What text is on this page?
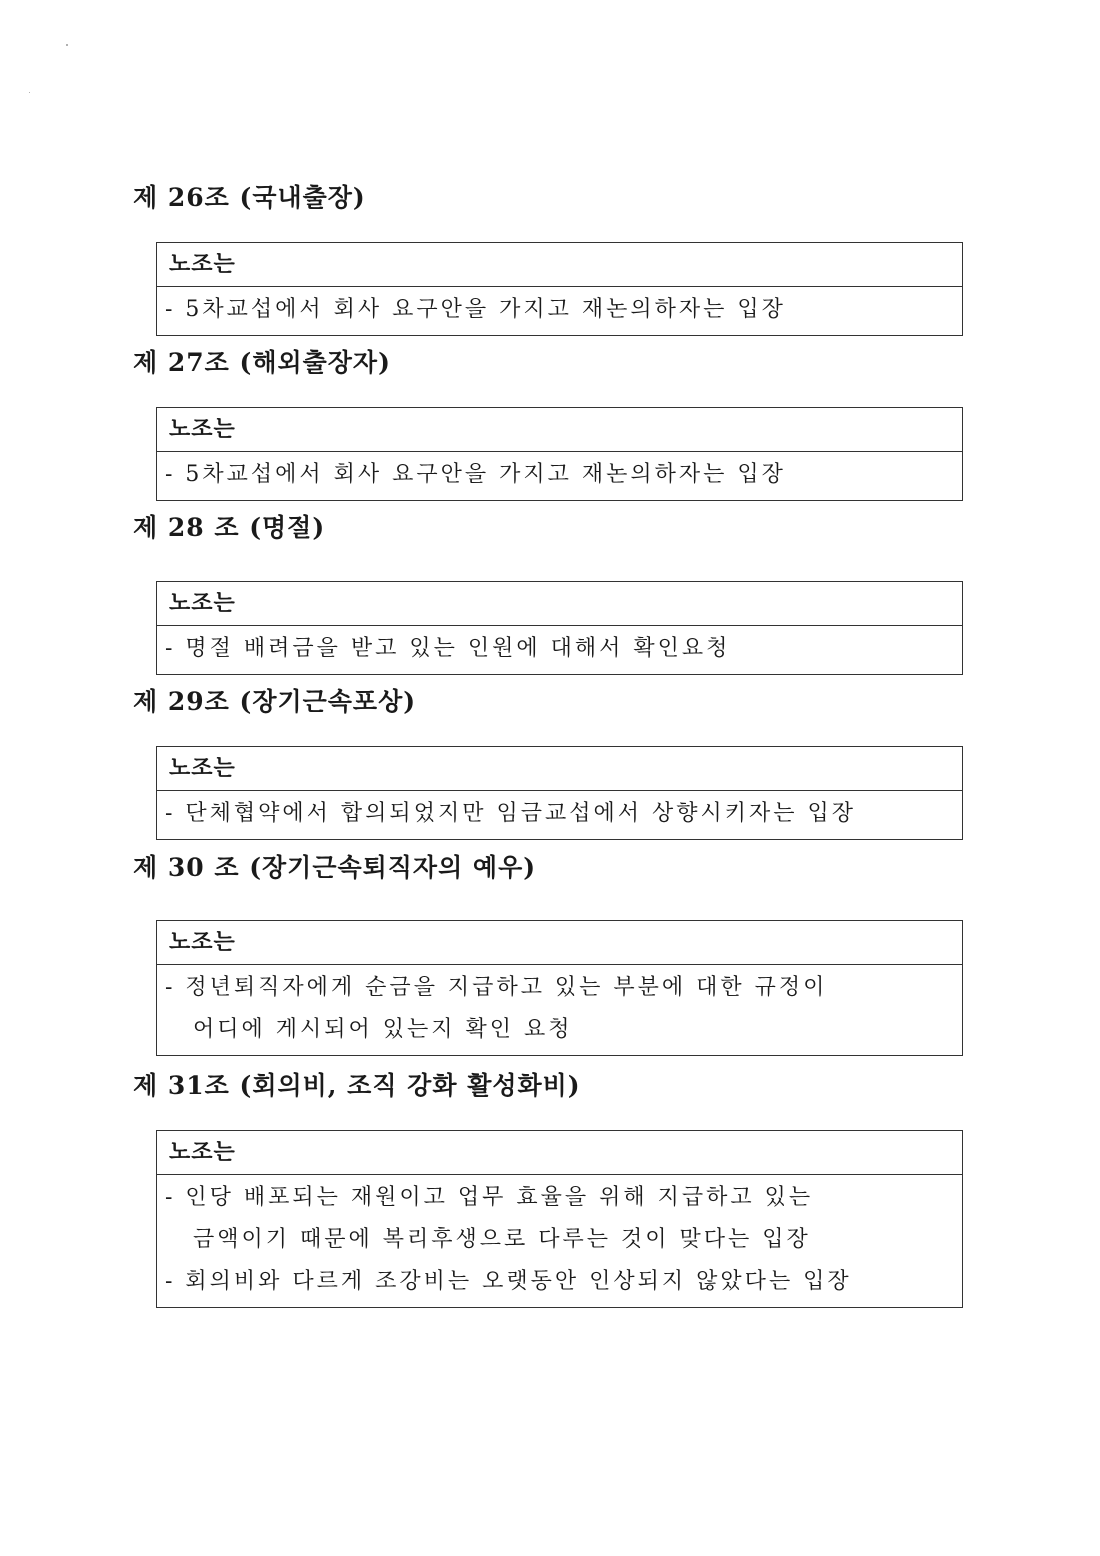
제 26조 (국내출장)
노조는
- 5차교섭에서 회사 요구안을 가지고 재논의하자는 입장
제 27조 (해외출장자)
노조는
- 5차교섭에서 회사 요구안을 가지고 재논의하자는 입장
제 28 조 (명절)
노조는
- 명절 배려금을 받고 있는 인원에 대해서 확인요청
제 29조 (장기근속포상)
노조는
- 단체협약에서 합의되었지만 임금교섭에서 상향시키자는 입장
제 30 조 (장기근속퇴직자의 예우)
노조는
- 정년퇴직자에게 순금을 지급하고 있는 부분에 대한 규정이
어디에 게시되어 있는지 확인 요청
제 31조 (회의비, 조직 강화 활성화비)
노조는
- 인당 배포되는 재원이고 업무 효율을 위해 지급하고 있는
금액이기 때문에 복리후생으로 다루는 것이 맞다는 입장
- 회의비와 다르게 조강비는 오랫동안 인상되지 않았다는 입장
